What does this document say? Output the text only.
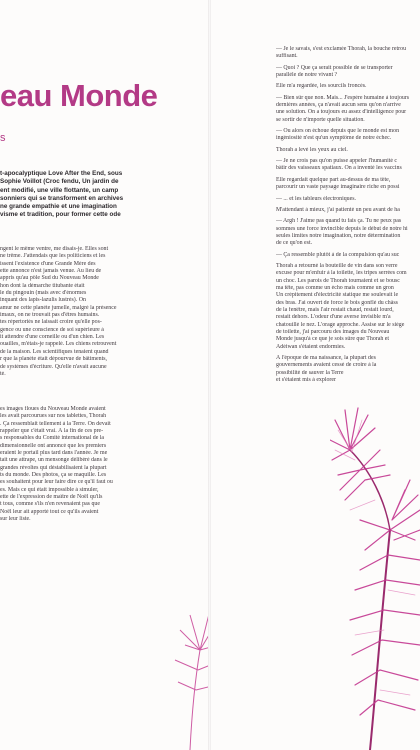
eau Monde
s

t-apocalyptique Love After the End, sous

Sophie Voillot (Croc fendu, Un jardin de

ent modifié, une ville flottante, un camp

sonniers qui se transforment en archives

ne grande empathie et une imagination

visme et tradition, pour former cette ode

ngent le même ventre, me disais-je. Elles sont

ne trême. J'attendais que les politiciens et les

issent l'existence d'une Grande Mère des

ette annonce n'est jamais venue. Au lieu de

appris qu'au pôle Sud du Nouveau Monde

hon dont la démarche titubante était

le du pingouin (mais avec d'énormes

inquant des lapis-lazulis lustrés). On

amur ne cette planète jumelle, malgré la présence

imaux, on ne trouvait pas d'êtres humains.

tes répertoriés ne laissait croire qu'elle pos-

gence ou une conscience de soi supérieure à

it attendre d'une corneille ou d'un chien. Les

ouailles, m'étais-je rappelé. Les chiens retrouvent

de la maison. Les scientifiques tenaient quand

r que la planète était dépourvue de bâtiments,

de systèmes d'écriture. Qu'elle n'avait aucune

té.

es images floues du Nouveau Monde avaient

les avait parcourues sur nos tablettes, Thorah

. Ça ressemblait tellement à la Terre. On devait

rappeler que c'était vrai. À la fin de ces pre-

s responsables du Comité international de la

dimensionnelle ont annoncé que les premiers

eraient le portail plus tard dans l'année. Je me

tait une attrape, un mensonge délibéré dans le

grandes révoltes qui déstabilisaient la plupart

ts du monde. Des photos, ça se maquille. Les

es souhaitent pour leur faire dire ce qu'il faut ou

es. Mais ce qui était impossible à simuler,

ette de l'expression de maître de Noël qu'ils

t tous, comme s'ils n'en revenaient pas que

Noël leur ait apporté tout ce qu'ils avaient

sur leur liste.

— Je le savais, s'est exclamée Thorah, la bouche retrou
suffisant.

— Quoi ? Que ça serait possible de se transporter
parallèle de notre vivant ?

Elle m'a regardée, les sourcils froncés.

— Bien sûr que non. Mais... J'espère humaine à toujours
dernières années, ça n'avait aucun sens qu'on n'arrive
une solution. On a toujours eu assez d'intelligence pour
se sortir de n'importe quelle situation.

— Ou alors on échoue depuis que le monde est mon
ingéniosité n'est qu'un symptôme de notre échec.

Thorah a levé les yeux au ciel.

— Je ne crois pas qu'on puisse appeler l'humanité c
bâtir des vaisseaux spatiaux. On a inventé les vaccins

Elle regardait quelque part au-dessus de ma tête,
parcourir un vaste paysage imaginaire riche en possi

— ... et les tableurs électroniques.

M'attendant à mieux, j'ai patienté un peu avant de ha

— Argh ! J'aime pas quand tu fais ça. Tu ne peux pas
sommes une force invincible depuis le début de notre hi
seules limites notre imagination, notre détermination
de ce qu'on est.

— Ça ressemble plutôt à de la compulsion qu'au suc

Thorah a retourné la bouteille de vin dans son verre
excuse pour m'enfuir à la toilette, les tripes serrées com
un choc. Les parois de Thorah tournaient et se bousc
ma tête, pas comme un écho mais comme un gron
Un crépitement d'électricité statique me soulevait le
des bras. J'ai ouvert de force le bois gonflé du châss
de la fenêtre, mais l'air restait chaud, restait lourd,
restait dehors. L'odeur d'une averse invisible m'a
chatouillé le nez. L'orage approche. Assise sur le siège
de toilette, j'ai parcouru des images du Nouveau
Monde jusqu'à ce que je sois sûre que Thorah et
Adéiwan s'étaient endormies.

À l'époque de ma naissance, la plupart des
gouvernements avaient cessé de croire à la
possibilité de sauver la Terre
et s'étaient mis à explorer
